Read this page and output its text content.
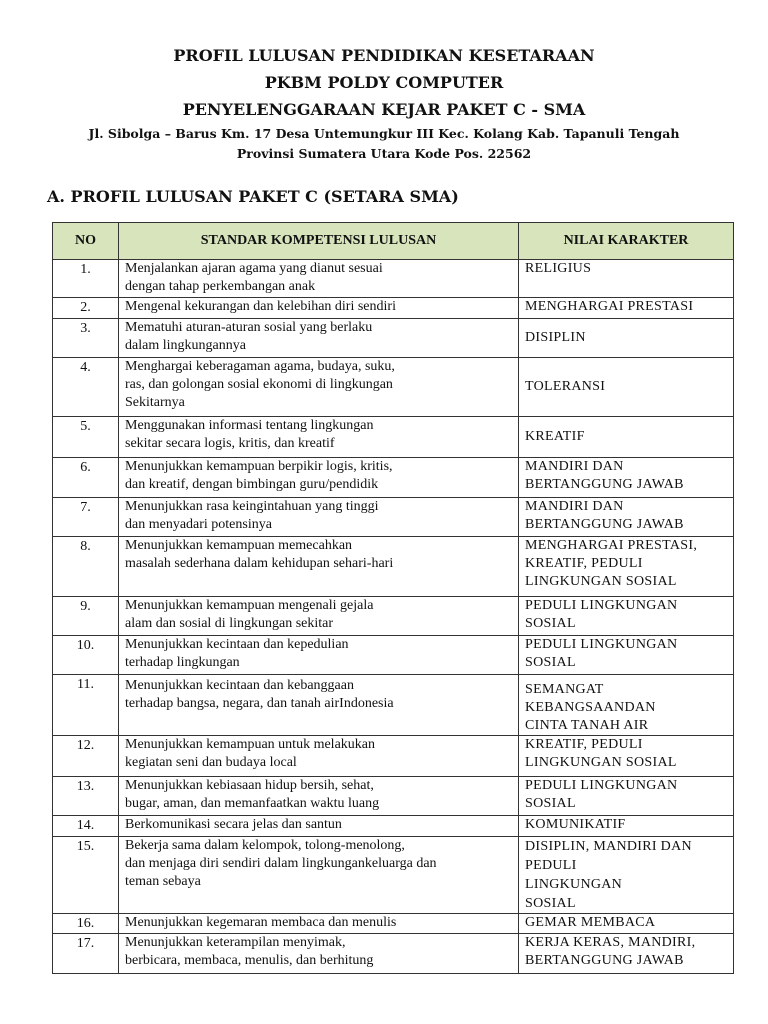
PROFIL LULUSAN PENDIDIKAN KESETARAAN
PKBM POLDY COMPUTER
PENYELENGGARAAN KEJAR PAKET C - SMA
Jl. Sibolga – Barus Km. 17 Desa Untemungkur III Kec. Kolang Kab. Tapanuli Tengah
Provinsi Sumatera Utara Kode Pos. 22562
A. PROFIL LULUSAN PAKET C (SETARA SMA)
NO	STANDAR KOMPETENSI LULUSAN	NILAI KARAKTER
1.	Menjalankan ajaran agama yang dianut sesuai
dengan tahap perkembangan anak	RELIGIUS

2.	Mengenal kekurangan dan kelebihan diri sendiri	MENGHARGAI PRESTASI

3.	Mematuhi aturan-aturan sosial yang berlaku
dalam lingkungannya	DISIPLIN

4.	Menghargai keberagaman agama, budaya, suku,
ras, dan golongan sosial ekonomi di lingkungan
Sekitarnya	TOLERANSI

5.	Menggunakan informasi tentang lingkungan
sekitar secara logis, kritis, dan kreatif	KREATIF

6.	Menunjukkan kemampuan berpikir logis, kritis,
dan kreatif, dengan bimbingan guru/pendidik	MANDIRI DAN
BERTANGGUNG JAWAB

7.	Menunjukkan rasa keingintahuan yang tinggi
dan menyadari potensinya	MANDIRI DAN
BERTANGGUNG JAWAB

8.	Menunjukkan kemampuan memecahkan
masalah sederhana dalam kehidupan sehari-hari	MENGHARGAI PRESTASI,
KREATIF, PEDULI
LINGKUNGAN SOSIAL

9.	Menunjukkan kemampuan mengenali gejala
alam dan sosial di lingkungan sekitar	PEDULI LINGKUNGAN
SOSIAL

10.	Menunjukkan kecintaan dan kepedulian
terhadap lingkungan	PEDULI LINGKUNGAN
SOSIAL

11.	Menunjukkan kecintaan dan kebanggaan
terhadap bangsa, negara, dan tanah airIndonesia	SEMANGAT
KEBANGSAANDAN
CINTA TANAH AIR

12.	Menunjukkan kemampuan untuk melakukan
kegiatan seni dan budaya local	KREATIF, PEDULI
LINGKUNGAN SOSIAL

13.	Menunjukkan kebiasaan hidup bersih, sehat,
bugar, aman, dan memanfaatkan waktu luang	PEDULI LINGKUNGAN
SOSIAL

14.	Berkomunikasi secara jelas dan santun	KOMUNIKATIF

15.	Bekerja sama dalam kelompok, tolong-menolong,
dan menjaga diri sendiri dalam lingkungankeluarga dan
teman sebaya	DISIPLIN, MANDIRI DAN
PEDULI
LINGKUNGAN
SOSIAL

16.	Menunjukkan kegemaran membaca dan menulis	GEMAR MEMBACA

17.	Menunjukkan keterampilan menyimak,
berbicara, membaca, menulis, dan berhitung	KERJA KERAS, MANDIRI,
BERTANGGUNG JAWAB
